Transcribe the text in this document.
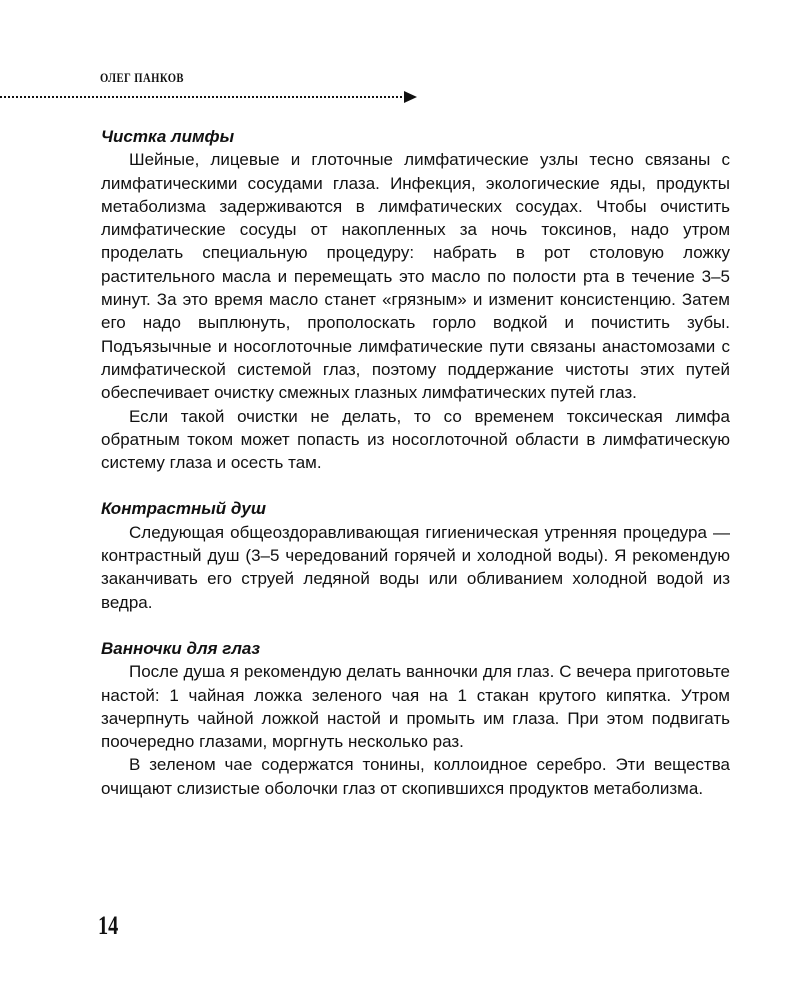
ОЛЕГ ПАНКОВ
Чистка лимфы

Шейные, лицевые и глоточные лимфатические узлы тесно связаны с лимфатическими сосудами глаза. Инфекция, экологические яды, продукты метаболизма задерживаются в лимфатических сосудах. Чтобы очистить лимфатические сосуды от накопленных за ночь токсинов, надо утром проделать специальную процедуру: набрать в рот столовую ложку растительного масла и перемещать это масло по полости рта в течение 3–5 минут. За это время масло станет «грязным» и изменит консистенцию. Затем его надо выплюнуть, прополоскать горло водкой и почистить зубы. Подъязычные и носоглоточные лимфатические пути связаны анастомозами с лимфатической системой глаз, поэтому поддержание чистоты этих путей обеспечивает очистку смежных глазных лимфатических путей глаз.

Если такой очистки не делать, то со временем токсическая лимфа обратным током может попасть из носоглоточной области в лимфатическую систему глаза и осесть там.

Контрастный душ

Следующая общеоздоравливающая гигиеническая утренняя процедура — контрастный душ (3–5 чередований горячей и холодной воды). Я рекомендую заканчивать его струей ледяной воды или обливанием холодной водой из ведра.

Ванночки для глаз

После душа я рекомендую делать ванночки для глаз. С вечера приготовьте настой: 1 чайная ложка зеленого чая на 1 стакан крутого кипятка. Утром зачерпнуть чайной ложкой настой и промыть им глаза. При этом подвигать поочередно глазами, моргнуть несколько раз.

В зеленом чае содержатся тонины, коллоидное серебро. Эти вещества очищают слизистые оболочки глаз от скопившихся продуктов метаболизма.

14
